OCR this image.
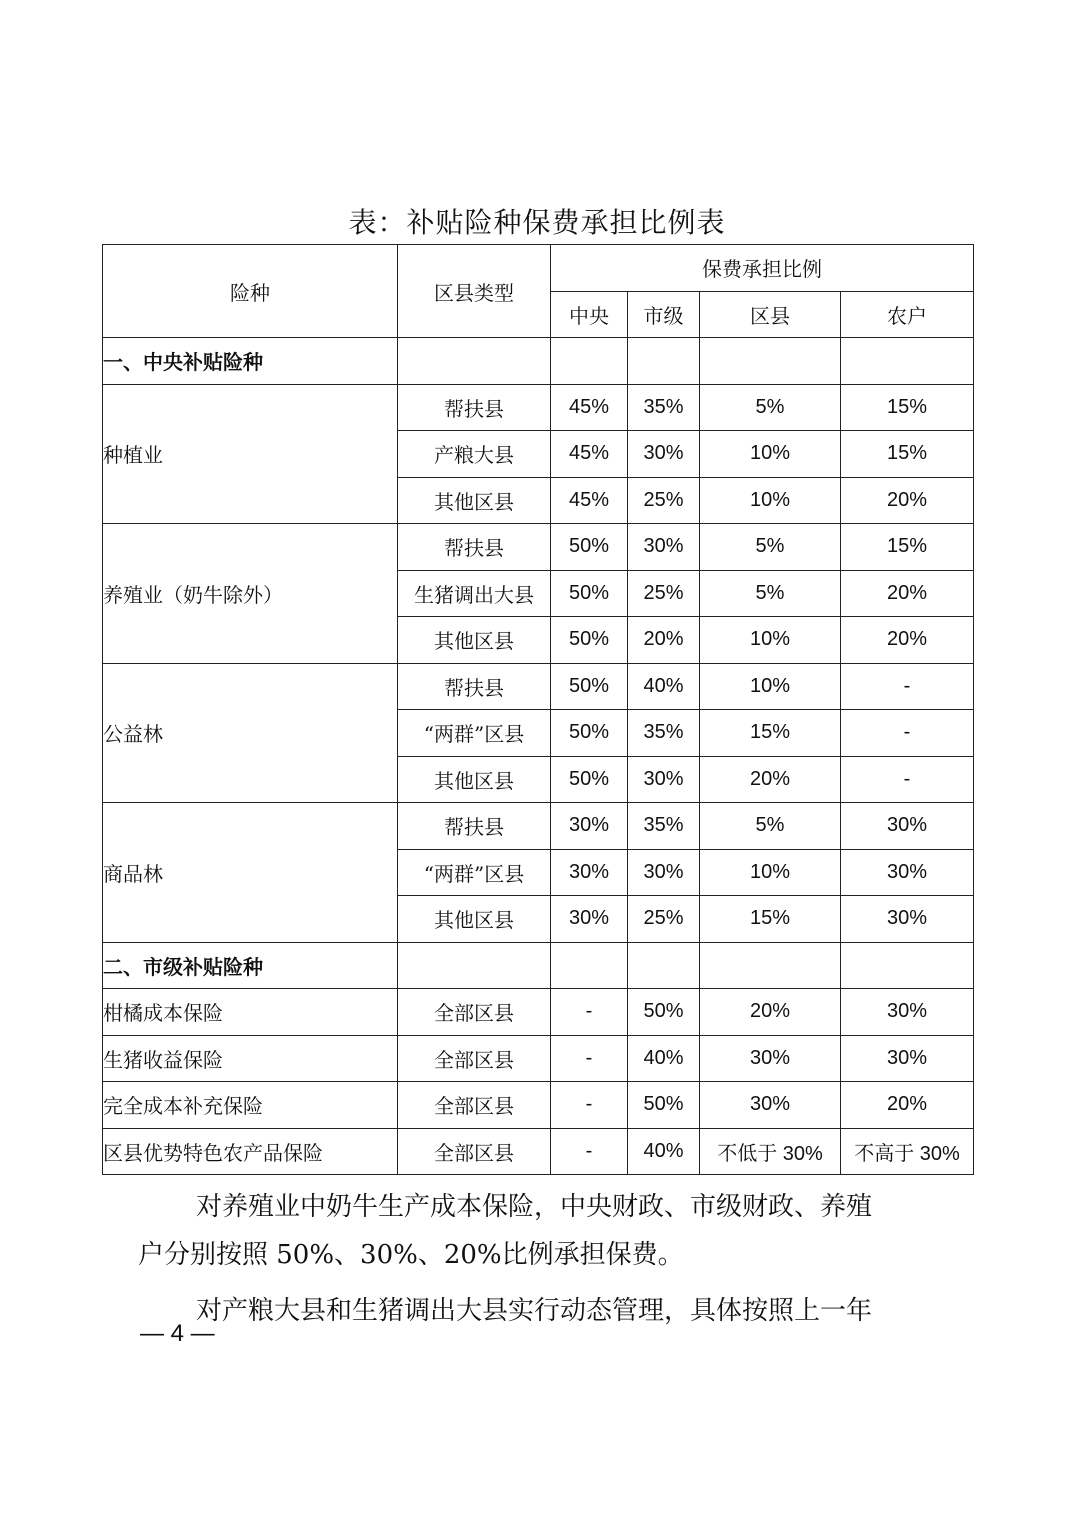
表：补贴险种保费承担比例表
险种	区县类型	保费承担比例			
		中央	市级	区县	农户
一、中央补贴险种					
种植业	帮扶县	45%	35%	5%	15%
	产粮大县	45%	30%	10%	15%
	其他区县	45%	25%	10%	20%
养殖业（奶牛除外）	帮扶县	50%	30%	5%	15%
	生猪调出大县	50%	25%	5%	20%
	其他区县	50%	20%	10%	20%
公益林	帮扶县	50%	40%	10%	-
	“两群”区县	50%	35%	15%	-
	其他区县	50%	30%	20%	-
商品林	帮扶县	30%	35%	5%	30%
	“两群”区县	30%	30%	10%	30%
	其他区县	30%	25%	15%	30%
二、市级补贴险种					
柑橘成本保险	全部区县	-	50%	20%	30%
生猪收益保险	全部区县	-	40%	30%	30%
完全成本补充保险	全部区县	-	50%	30%	20%
区县优势特色农产品保险	全部区县	-	40%	不低于 30%	不高于 30%
对养殖业中奶牛生产成本保险，中央财政、市级财政、养殖
户分别按照 50%、30%、20%比例承担保费。
对产粮大县和生猪调出大县实行动态管理，具体按照上一年
— 4 —
